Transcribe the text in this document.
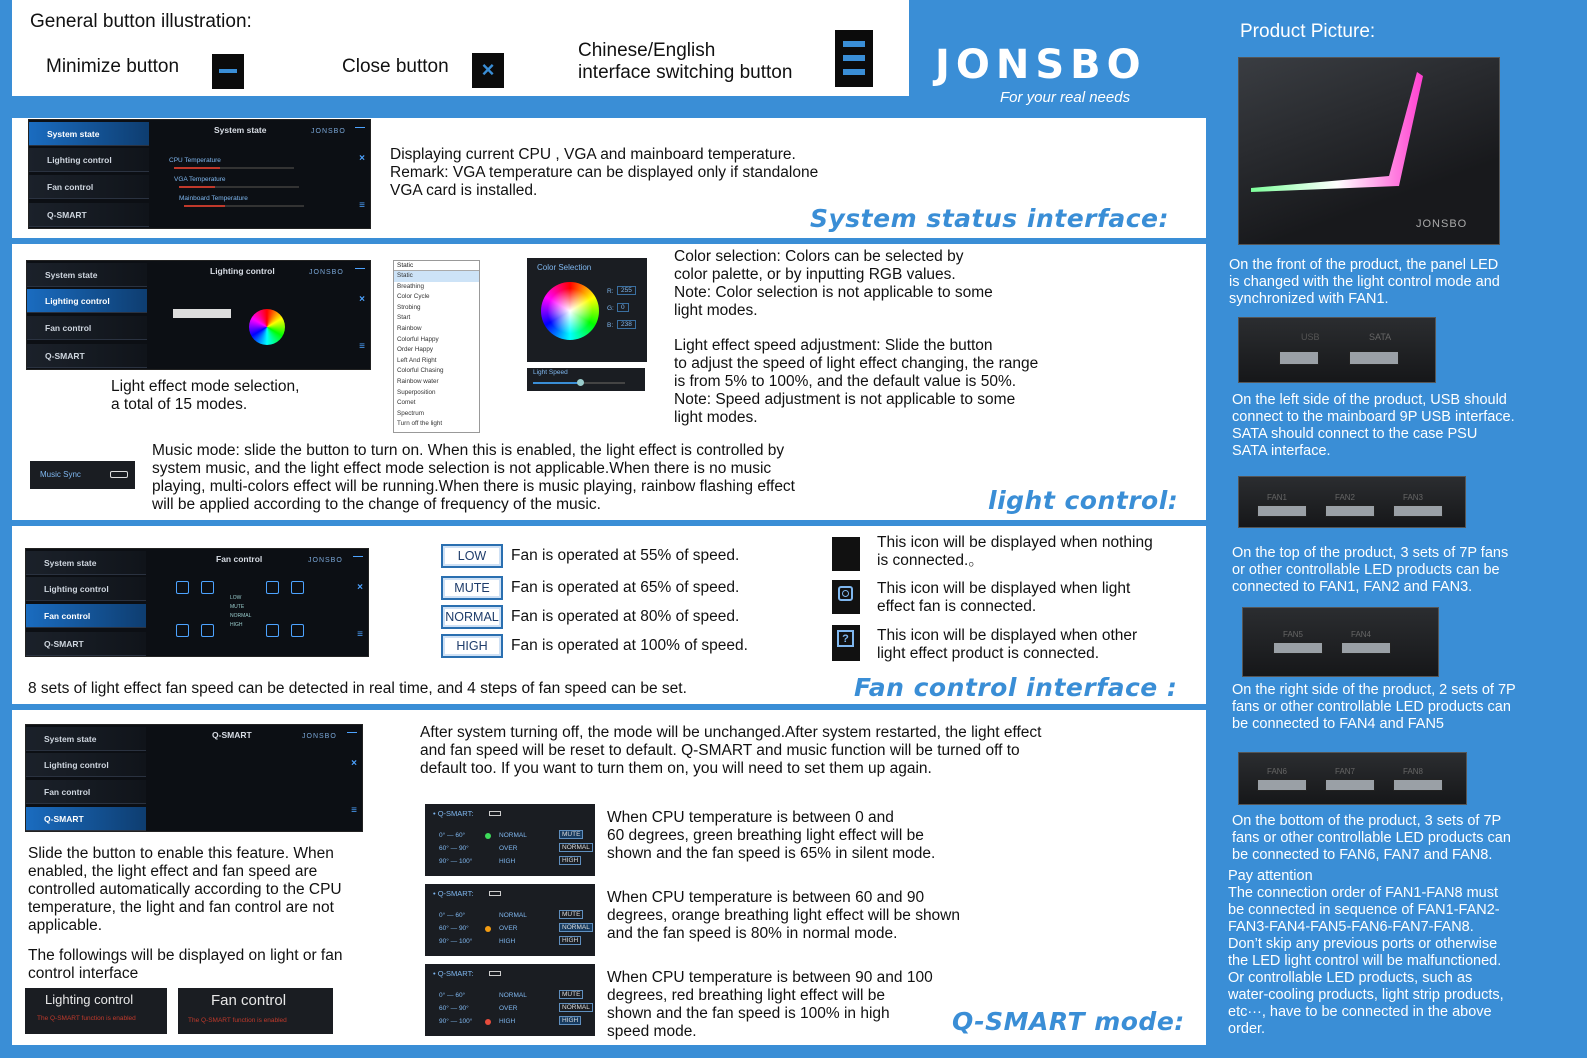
General button illustration:
Minimize button	Close button	×
Chinese/English
interface switching button	JONSBO
For your real needs
System state
Lighting control
Fan control
Q-SMART
System state	JONSBO —
×
≡
CPU Temperature
VGA Temperature
Mainboard Temperature
Displaying current CPU , VGA and mainboard temperature.
Remark: VGA temperature can be displayed only if standalone
VGA card is installed.
System status interface:
System state
Lighting control
Fan control
Q-SMART
Lighting control	JONSBO —
×
≡
Light effect mode selection,
a total of 15 modes.
Static
Static
Breathing
Color Cycle
Strobing
Start
Rainbow
Colorful Happy
Order Happy
Left And Right
Colorful Chasing
Rainbow water
Superposition
Comet
Spectrum
Turn off the light
Color Selection
R:	255
G:	0
B:	238
Light Speed

Color selection: Colors can be selected by

color palette, or by inputting RGB values.

Note: Color selection is not applicable to some

light modes.

Light effect speed adjustment: Slide the button

to adjust the speed of light effect changing, the range

is from 5% to 100%, and the default value is 50%.

Note: Speed adjustment is not applicable to some

light modes.

Music Sync

Music mode: slide the button to turn on. When this is enabled, the light effect is controlled by

system music, and the light effect mode selection is not applicable.When there is no music

playing, multi-colors effect will be running.When there is music playing, rainbow flashing effect

will be applied according to the change of frequency of the music.	light control:
System state
Lighting control
Fan control
Q-SMART
Fan control	JONSBO —
×
≡
LOW
MUTE
NORMAL
HIGH
LOW	Fan is operated at 55% of speed.
MUTE	Fan is operated at 65% of speed.
NORMAL Fan is operated at 80% of speed.
HIGH	Fan is operated at 100% of speed.	?

This icon will be displayed when nothing

is connected.。

This icon will be displayed when light

effect fan is connected.

This icon will be displayed when other

light effect product is connected.

8 sets of light effect fan speed can be detected in real time, and 4 steps of fan speed can be set.	Fan control interface :
System state
Lighting control
Fan control
Q-SMART
Q-SMART	JONSBO —
×
≡

After system turning off, the mode will be unchanged.After system restarted, the light effect

and fan speed will be reset to default. Q-SMART and music function will be turned off to

default too. If you want to turn them on, you will need to set them up again.

Slide the button to enable this feature. When

enabled, the light effect and fan speed are

controlled automatically according to the CPU

temperature, the light and fan control are not

applicable.

The followings will be displayed on light or fan

control interface

Lighting control
The Q-SMART function is enabled
Fan control
The Q-SMART function is enabled
• Q-SMART:
0° — 60°	NORMAL	MUTE
60° — 90°	OVER	NORMAL
90° — 100°	HIGH	HIGH

When CPU temperature is between 0 and

60 degrees, green breathing light effect will be

shown and the fan speed is 65% in silent mode.

• Q-SMART:
0° — 60°	NORMAL	MUTE
60° — 90°	OVER	NORMAL
90° — 100°	HIGH	HIGH

When CPU temperature is between 60 and 90

degrees, orange breathing light effect will be shown

and the fan speed is 80% in normal mode.

• Q-SMART:
0° — 60°	NORMAL	MUTE
60° — 90°	OVER	NORMAL
90° — 100°	HIGH	HIGH

When CPU temperature is between 90 and 100

degrees, red breathing light effect will be

shown and the fan speed is 100% in high

speed mode.	Q-SMART mode:
Product Picture:
JONSBO

On the front of the product, the panel LED

is changed with the light control mode and

synchronized with FAN1.

USB	SATA

On the left side of the product, USB should

connect to the mainboard 9P USB interface.

SATA should connect to the case PSU

SATA interface.

FAN1	FAN2	FAN3

On the top of the product, 3 sets of 7P fans

or other controllable LED products can be

connected to FAN1, FAN2 and FAN3.

FAN5	FAN4

On the right side of the product, 2 sets of 7P

fans or other controllable LED products can

be connected to FAN4 and FAN5

FAN6	FAN7	FAN8

On the bottom of the product, 3 sets of 7P

fans or other controllable LED products can

be connected to FAN6, FAN7 and FAN8.

Pay attention

The connection order of FAN1-FAN8 must

be connected in sequence of FAN1-FAN2-

FAN3-FAN4-FAN5-FAN6-FAN7-FAN8.

Don’t skip any previous ports or otherwise

the LED light control will be malfunctioned.

Or controllable LED products, such as

water-cooling products, light strip products,

etc···, have to be connected in the above

order.
